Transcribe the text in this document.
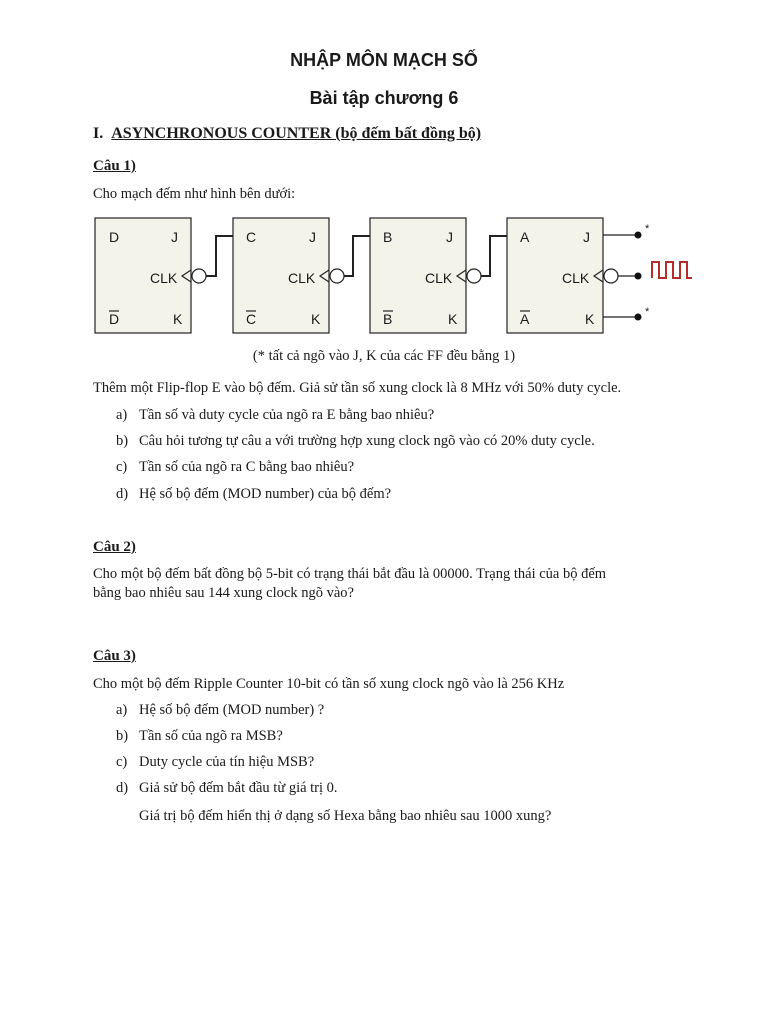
NHẬP MÔN MẠCH SỐ
Bài tập chương 6
I. ASYNCHRONOUS COUNTER (bộ đếm bất đồng bộ)
Câu 1)
Cho mạch đếm như hình bên dưới:
D	J
CLK
D	K
C	J
CLK
C	K
B	J
CLK
B	K
A	J
CLK
A	K
*
*
(* tất cả ngõ vào J, K của các FF đều bằng 1)
Thêm một Flip-flop E vào bộ đếm. Giả sử tần số xung clock là 8 MHz với 50% duty cycle.
a) Tần số và duty cycle của ngõ ra E bằng bao nhiêu?
b) Câu hỏi tương tự câu a với trường hợp xung clock ngõ vào có 20% duty cycle.
c) Tần số của ngõ ra C bằng bao nhiêu?
d) Hệ số bộ đếm (MOD number) của bộ đếm?
Câu 2)
Cho một bộ đếm bất đồng bộ 5-bit có trạng thái bắt đầu là 00000. Trạng thái của bộ đếm
bằng bao nhiêu sau 144 xung clock ngõ vào?
Câu 3)
Cho một bộ đếm Ripple Counter 10-bit có tần số xung clock ngõ vào là 256 KHz
a) Hệ số bộ đếm (MOD number) ?
b) Tần số của ngõ ra MSB?
c) Duty cycle của tín hiệu MSB?
d) Giả sử bộ đếm bắt đầu từ giá trị 0.
Giá trị bộ đếm hiển thị ở dạng số Hexa bằng bao nhiêu sau 1000 xung?
